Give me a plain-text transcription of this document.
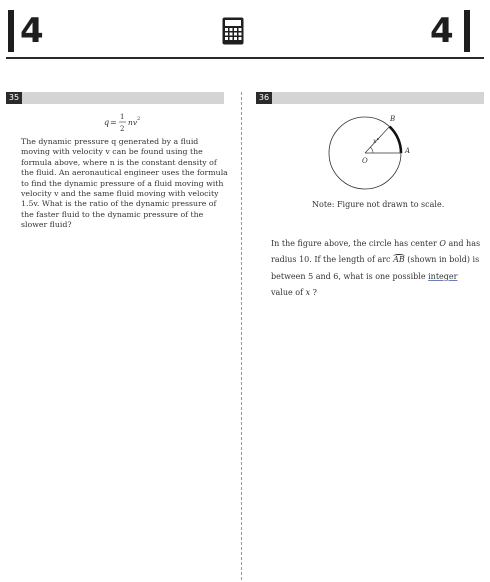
4	4
35
q =
1
2
nv 2

The dynamic pressure q generated by a fluid moving with velocity v can be found using the formula above, where n is the constant density of the fluid. An aeronautical engineer uses the formula to find the dynamic pressure of a fluid moving with velocity v and the same fluid moving with velocity 1.5v. What is the ratio of the dynamic pressure of the faster fluid to the dynamic pressure of the slower fluid?

36
B
A
O
x°
Note: Figure not drawn to scale.

In the figure above, the circle has center O and has radius 10. If the length of arc AB (shown in bold) is between 5 and 6, what is one possible integer value of x ?
